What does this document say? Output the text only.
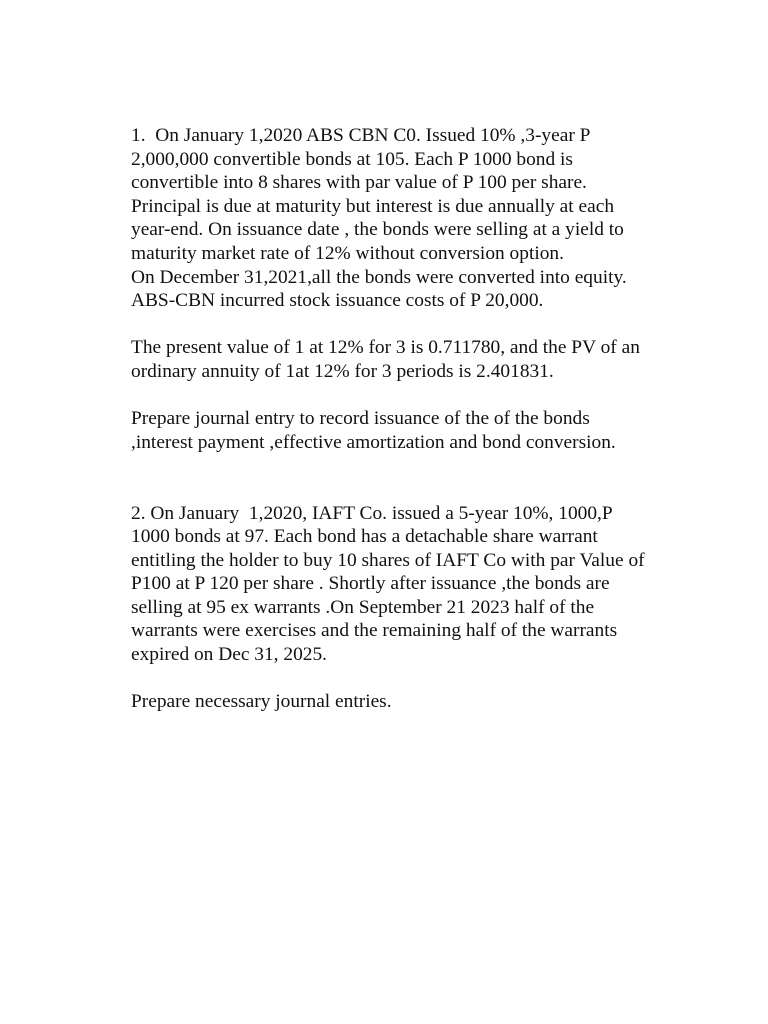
1.  On January 1,2020 ABS CBN C0. Issued 10% ,3-year P 2,000,000 convertible bonds at 105. Each P 1000 bond is convertible into 8 shares with par value of P 100 per share.  Principal is due at maturity but interest is due annually at each year-end. On issuance date , the bonds were selling at a yield to maturity market rate of 12% without conversion option.

On December 31,2021,all the bonds were converted into equity. ABS-CBN incurred stock issuance costs of P 20,000.

The present value of 1 at 12% for 3 is 0.711780, and the PV of an ordinary annuity of 1at 12% for 3 periods is 2.401831.

Prepare journal entry to record issuance of the of the bonds  ,interest payment ,effective amortization and bond conversion.

2. On January  1,2020, IAFT Co. issued a 5-year 10%, 1000,P 1000 bonds at 97. Each bond has a detachable share warrant entitling the holder to buy 10 shares of IAFT Co with par Value of P100 at P 120 per share . Shortly after issuance ,the bonds are selling at 95 ex warrants .On September 21 2023 half of the warrants were exercises and the remaining half of the warrants expired on Dec 31, 2025.

Prepare necessary journal entries.
